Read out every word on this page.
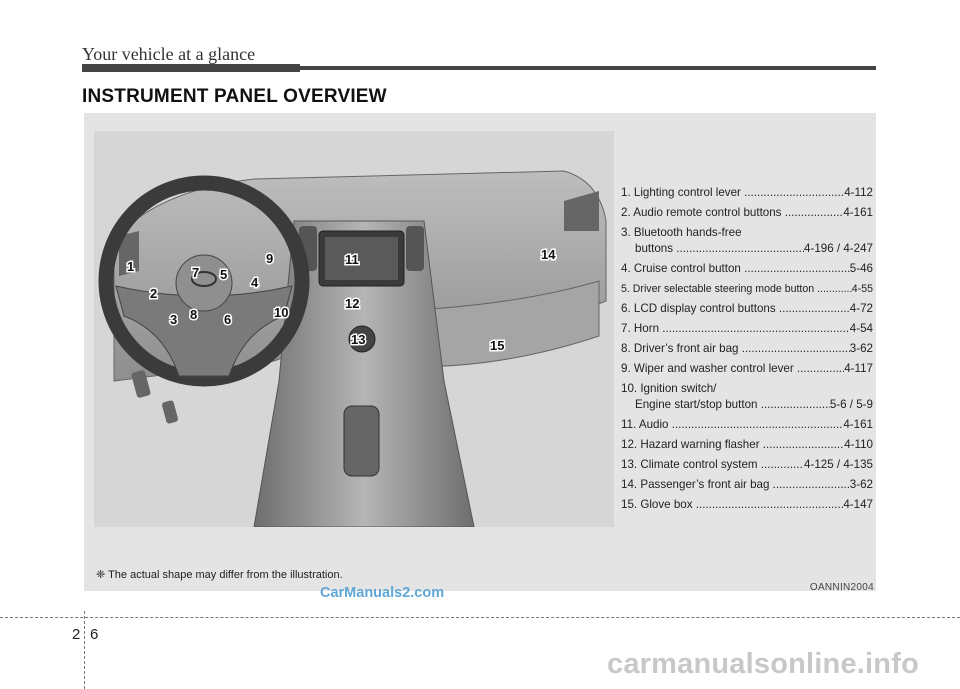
Your vehicle at a glance
INSTRUMENT PANEL OVERVIEW
1
2
3
4
5
6
7
8
9
10
11
12
13
14
15
1. Lighting control lever .....	4-112
2. Audio remote control buttons .....	4-161
3. Bluetooth hands-free
buttons .....	4-196 / 4-247
4. Cruise control button .....	5-46
5. Driver selectable steering mode button .....	4-55
6. LCD display control buttons .....	4-72
7. Horn .....	4-54
8. Driver’s front air bag .....	3-62
9. Wiper and washer control lever .....	4-117
10. Ignition switch/
Engine start/stop button .....	5-6 / 5-9
11. Audio .....	4-161
12. Hazard warning flasher .....	4-110
13. Climate control system .....	4-125 / 4-135
14. Passenger’s front air bag .....	3-62
15. Glove box .....	4-147
❈ The actual shape may differ from the illustration.
OANNIN2004
CarManuals2.com
2 6
carmanualsonline.info
